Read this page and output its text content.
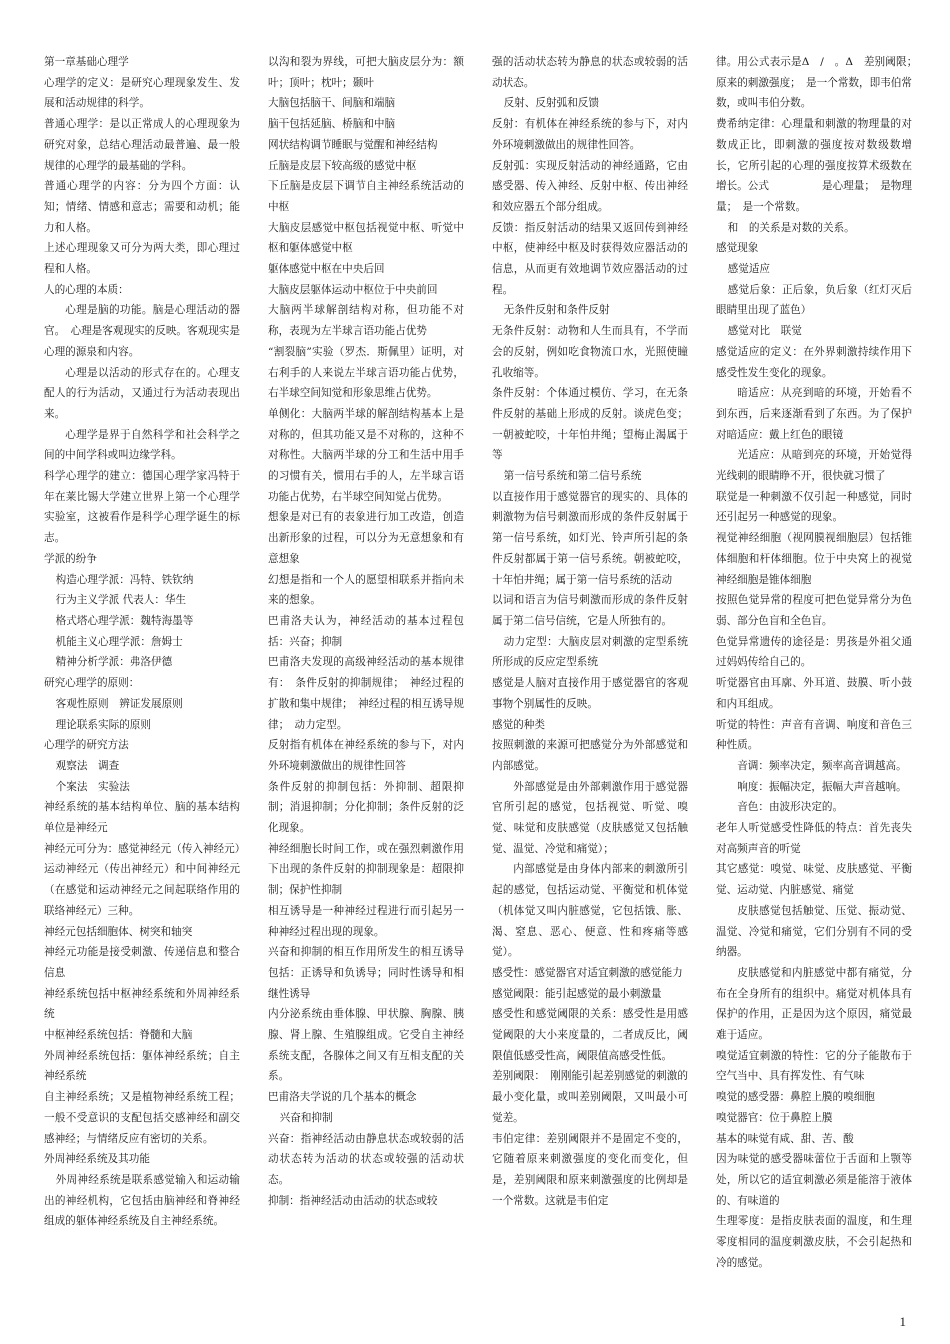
第一章基础心理学

心理学的定义：是研究心理现象发生、发展和活动规律的科学。

普通心理学：是以正常成人的心理现象为研究对象，总结心理活动最普遍、最一般规律的心理学的最基础的学科。

普通心理学的内容：分为四个方面：认知；情绪、情感和意志；需要和动机；能力和人格。

上述心理现象又可分为两大类，即心理过程和人格。

人的心理的本质：

心理是脑的功能。脑是心理活动的器官。　心理是客观现实的反映。客观现实是心理的源泉和内容。

心理是以活动的形式存在的。心理支配人的行为活动，又通过行为活动表现出来。

心理学是界于自然科学和社会科学之间的中间学科或叫边缘学科。

科学心理学的建立：德国心理学家冯特于　　年在莱比锡大学建立世界上第一个心理学实验室，这被看作是科学心理学诞生的标志。

学派的纷争

构造心理学派：冯特、铁钦纳

行为主义学派 代表人：华生

格式塔心理学派：魏特海墨等

机能主义心理学派：詹姆士

精神分析学派：弗洛伊德

研究心理学的原则：

客观性原则　辨证发展原则

理论联系实际的原则

心理学的研究方法

观察法　调查

个案法　实验法

神经系统的基本结构单位、脑的基本结构单位是神经元

神经元可分为：感觉神经元（传入神经元）运动神经元（传出神经元）和中间神经元（在感觉和运动神经元之间起联络作用的联络神经元）三种。

神经元包括细胞体、树突和轴突

神经元功能是接受刺激、传递信息和整合信息

神经系统包括中枢神经系统和外周神经系统

中枢神经系统包括：脊髓和大脑

外周神经系统包括：躯体神经系统；自主神经系统

自主神经系统；又是植物神经系统工程；一般不受意识的支配包括交感神经和副交感神经；与情绪反应有密切的关系。

外周神经系统及其功能

外周神经系统是联系感觉输入和运动输出的神经机构，它包括由脑神经和脊神经组成的躯体神经系统及自主神经系统。

以沟和裂为界线，可把大脑皮层分为：额叶；顶叶；枕叶；颞叶

大脑包括脑干、间脑和端脑

脑干包括延脑、桥脑和中脑

网状结构调节睡眠与觉醒和神经结构

丘脑是皮层下较高级的感觉中枢

下丘脑是皮层下调节自主神经系统活动的中枢

大脑皮层感觉中枢包括视觉中枢、听觉中枢和躯体感觉中枢

躯体感觉中枢在中央后回

大脑皮层躯体运动中枢位于中央前回

大脑两半球解剖结构对称，但功能不对称，表现为左半球言语功能占优势

“割裂脑”实验（罗杰．斯佩里）证明，对右利手的人来说左半球言语功能占优势，右半球空间知觉和形象思维占优势。

单侧化：大脑两半球的解剖结构基本上是对称的，但其功能又是不对称的，这种不对称性。大脑两半球的分工和生活中用手的习惯有关，惯用右手的人，左半球言语功能占优势，右半球空间知觉占优势。

想象是对已有的表象进行加工改造，创造出新形象的过程，可以分为无意想象和有意想象

幻想是指和一个人的愿望相联系并指向未来的想象。

巴甫洛夫认为，神经活动的基本过程包括：兴奋；抑制

巴甫洛夫发现的高级神经活动的基本规律有：　条件反射的抑制规律；　神经过程的扩散和集中规律；　神经过程的相互诱导规律；　动力定型。

反射指有机体在神经系统的参与下，对内外环境刺激做出的规律性回答

条件反射的抑制包括：外抑制、超限抑制；消退抑制；分化抑制；条件反射的泛化现象。

神经细胞长时间工作，或在强烈刺激作用下出现的条件反射的抑制现象是：超限抑制；保护性抑制

相互诱导是一种神经过程进行而引起另一种神经过程出现的现象。

兴奋和抑制的相互作用所发生的相互诱导包括：正诱导和负诱导；同时性诱导和相继性诱导

内分泌系统由垂体腺、甲状腺、胸腺、胰腺、肾上腺、生殖腺组成。它受自主神经系统支配，各腺体之间又有互相支配的关系。

巴甫洛夫学说的几个基本的概念

兴奋和抑制

兴奋：指神经活动由静息状态或较弱的活动状态转为活动的状态或较强的活动状态。

抑制：指神经活动由活动的状态或较

强的活动状态转为静息的状态或较弱的活动状态。

反射、反射弧和反馈

反射：有机体在神经系统的参与下，对内外环境刺激做出的规律性回答。

反射弧：实现反射活动的神经通路，它由感受器、传入神经、反射中枢、传出神经和效应器五个部分组成。

反馈：指反射活动的结果又返回传到神经中枢，使神经中枢及时获得效应器活动的信息，从而更有效地调节效应器活动的过程。

无条件反射和条件反射

无条件反射：动物和人生而具有，不学而会的反射，例如吃食物流口水，光照使瞳孔收缩等。

条件反射：个体通过模仿、学习，在无条件反射的基础上形成的反射。谈虎色变；一朝被蛇咬，十年怕井绳；望梅止渴属于等

第一信号系统和第二信号系统

以直接作用于感觉器官的现实的、具体的刺激物为信号刺激而形成的条件反射属于第一信号系统，如灯光、铃声所引起的条件反射都属于第一信号系统。朝被蛇咬，十年怕井绳；属于第一信号系统的活动

以词和语言为信号刺激而形成的条件反射属于第二信号信统，它是人所独有的。

动力定型：大脑皮层对刺激的定型系统所形成的反应定型系统

感觉是人脑对直接作用于感觉器官的客观事物个别属性的反映。

感觉的种类

按照刺激的来源可把感觉分为外部感觉和内部感觉。

外部感觉是由外部刺激作用于感觉器官所引起的感觉，包括视觉、听觉、嗅觉、味觉和皮肤感觉（皮肤感觉又包括触觉、温觉、冷觉和痛觉）；

内部感觉是由身体内部来的刺激所引起的感觉，包括运动觉、平衡觉和机体觉（机体觉又叫内脏感觉，它包括饿、胀、渴、窒息、恶心、便意、性和疼痛等感觉）。

感受性：感觉器官对适宜刺激的感觉能力

感觉阈限：能引起感觉的最小刺激量

感受性和感觉阈限的关系：感受性是用感觉阈限的大小来度量的，二者成反比，阈限值低感受性高，阈限值高感受性低。

差别阈限：　刚刚能引起差别感觉的刺激的最小变化量，或叫差别阈限，又叫最小可觉差。

韦伯定律：差别阈限并不是固定不变的，它随着原来刺激强度的变化而变化，但是，差别阈限和原来刺激强度的比例却是一个常数。这就是韦伯定

律。用公式表示是Δ　/　。Δ　差别阈限；　原来的刺激强度；　是一个常数，即韦伯常数，或叫韦伯分数。

费希纳定律：心理量和刺激的物理量的对数成正比，即刺激的强度按对数级数增长，它所引起的心理的强度按算术级数在增长。公式　　　　　是心理量；　是物理量；　是一个常数。

和　的关系是对数的关系。

感觉现象

感觉适应

感觉后象：正后象，负后象（红灯灭后眼睛里出现了蓝色）

感觉对比　联觉

感觉适应的定义：在外界刺激持续作用下感受性发生变化的现象。

暗适应：从亮到暗的环境，开始看不到东西，后来逐渐看到了东西。为了保护对暗适应：戴上红色的眼镜

光适应：从暗到亮的环境，开始觉得光线刺的眼睛睁不开，很快就习惯了

联觉是一种刺激不仅引起一种感觉，同时还引起另一种感觉的现象。

视觉神经细胞（视网膜视细胞层）包括锥体细胞和杆体细胞。位于中央窝上的视觉神经细胞是锥体细胞

按照色觉异常的程度可把色觉异常分为色弱、部分色盲和全色盲。

色觉异常遗传的途径是：男孩是外祖父通过妈妈传给自己的。

听觉器官由耳廓、外耳道、鼓膜、听小鼓和内耳组成。

听觉的特性：声音有音调、响度和音色三种性质。

音调：频率决定，频率高音调越高。

响度：振幅决定，振幅大声音越响。

音色：由波形决定的。

老年人听觉感受性降低的特点：首先丧失对高频声音的听觉

其它感觉：嗅觉、味觉、皮肤感觉、平衡觉、运动觉、内脏感觉、痛觉

皮肤感觉包括触觉、压觉、振动觉、温觉、冷觉和痛觉，它们分别有不同的受纳器。

皮肤感觉和内脏感觉中都有痛觉，分布在全身所有的组织中。痛觉对机体具有保护的作用，正是因为这个原因，痛觉最难于适应。

嗅觉适宜刺激的特性：它的分子能散布于空气当中、具有挥发性、有气味

嗅觉的感受器：鼻腔上膜的嗅细胞

嗅觉器官：位于鼻腔上膜

基本的味觉有咸、甜、苦、酸

因为味觉的感受器味蕾位于舌面和上颚等处，所以它的适宜刺激必须是能溶于液体的、有味道的

生理零度：是指皮肤表面的温度，和生理零度相同的温度刺激皮肤，不会引起热和冷的感觉。

1
